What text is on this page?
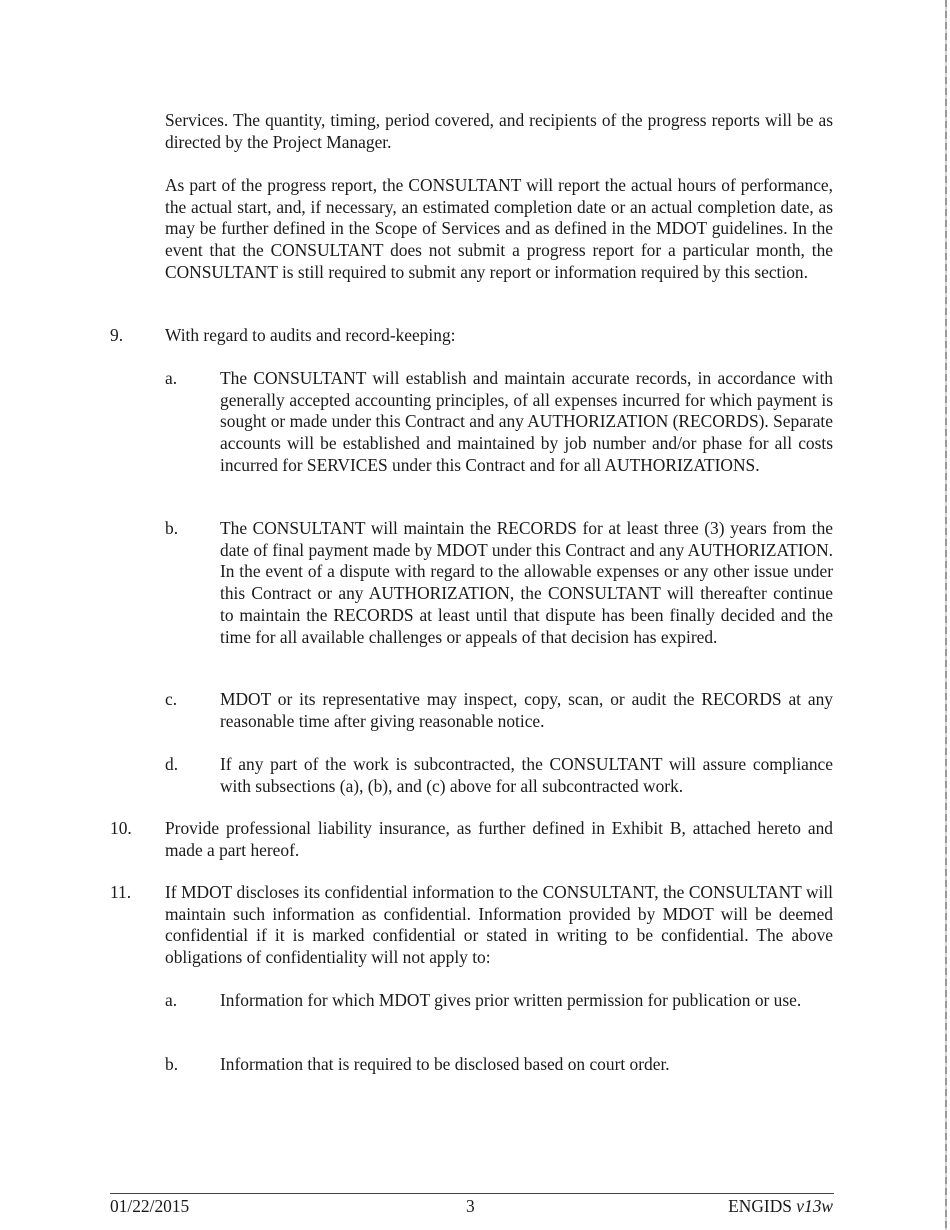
Services. The quantity, timing, period covered, and recipients of the progress reports will be as directed by the Project Manager.

As part of the progress report, the CONSULTANT will report the actual hours of performance, the actual start, and, if necessary, an estimated completion date or an actual completion date, as may be further defined in the Scope of Services and as defined in the MDOT guidelines. In the event that the CONSULTANT does not submit a progress report for a particular month, the CONSULTANT is still required to submit any report or information required by this section.

9. With regard to audits and record-keeping:

a. The CONSULTANT will establish and maintain accurate records, in accordance with generally accepted accounting principles, of all expenses incurred for which payment is sought or made under this Contract and any AUTHORIZATION (RECORDS). Separate accounts will be established and maintained by job number and/or phase for all costs incurred for SERVICES under this Contract and for all AUTHORIZATIONS.

b. The CONSULTANT will maintain the RECORDS for at least three (3) years from the date of final payment made by MDOT under this Contract and any AUTHORIZATION. In the event of a dispute with regard to the allowable expenses or any other issue under this Contract or any AUTHORIZATION, the CONSULTANT will thereafter continue to maintain the RECORDS at least until that dispute has been finally decided and the time for all available challenges or appeals of that decision has expired.

c. MDOT or its representative may inspect, copy, scan, or audit the RECORDS at any reasonable time after giving reasonable notice.

d. If any part of the work is subcontracted, the CONSULTANT will assure compliance with subsections (a), (b), and (c) above for all subcontracted work.

10. Provide professional liability insurance, as further defined in Exhibit B, attached hereto and made a part hereof.

11. If MDOT discloses its confidential information to the CONSULTANT, the CONSULTANT will maintain such information as confidential. Information provided by MDOT will be deemed confidential if it is marked confidential or stated in writing to be confidential. The above obligations of confidentiality will not apply to:

a. Information for which MDOT gives prior written permission for publication or use.

b. Information that is required to be disclosed based on court order.

01/22/2015	3	ENGIDS v13w
